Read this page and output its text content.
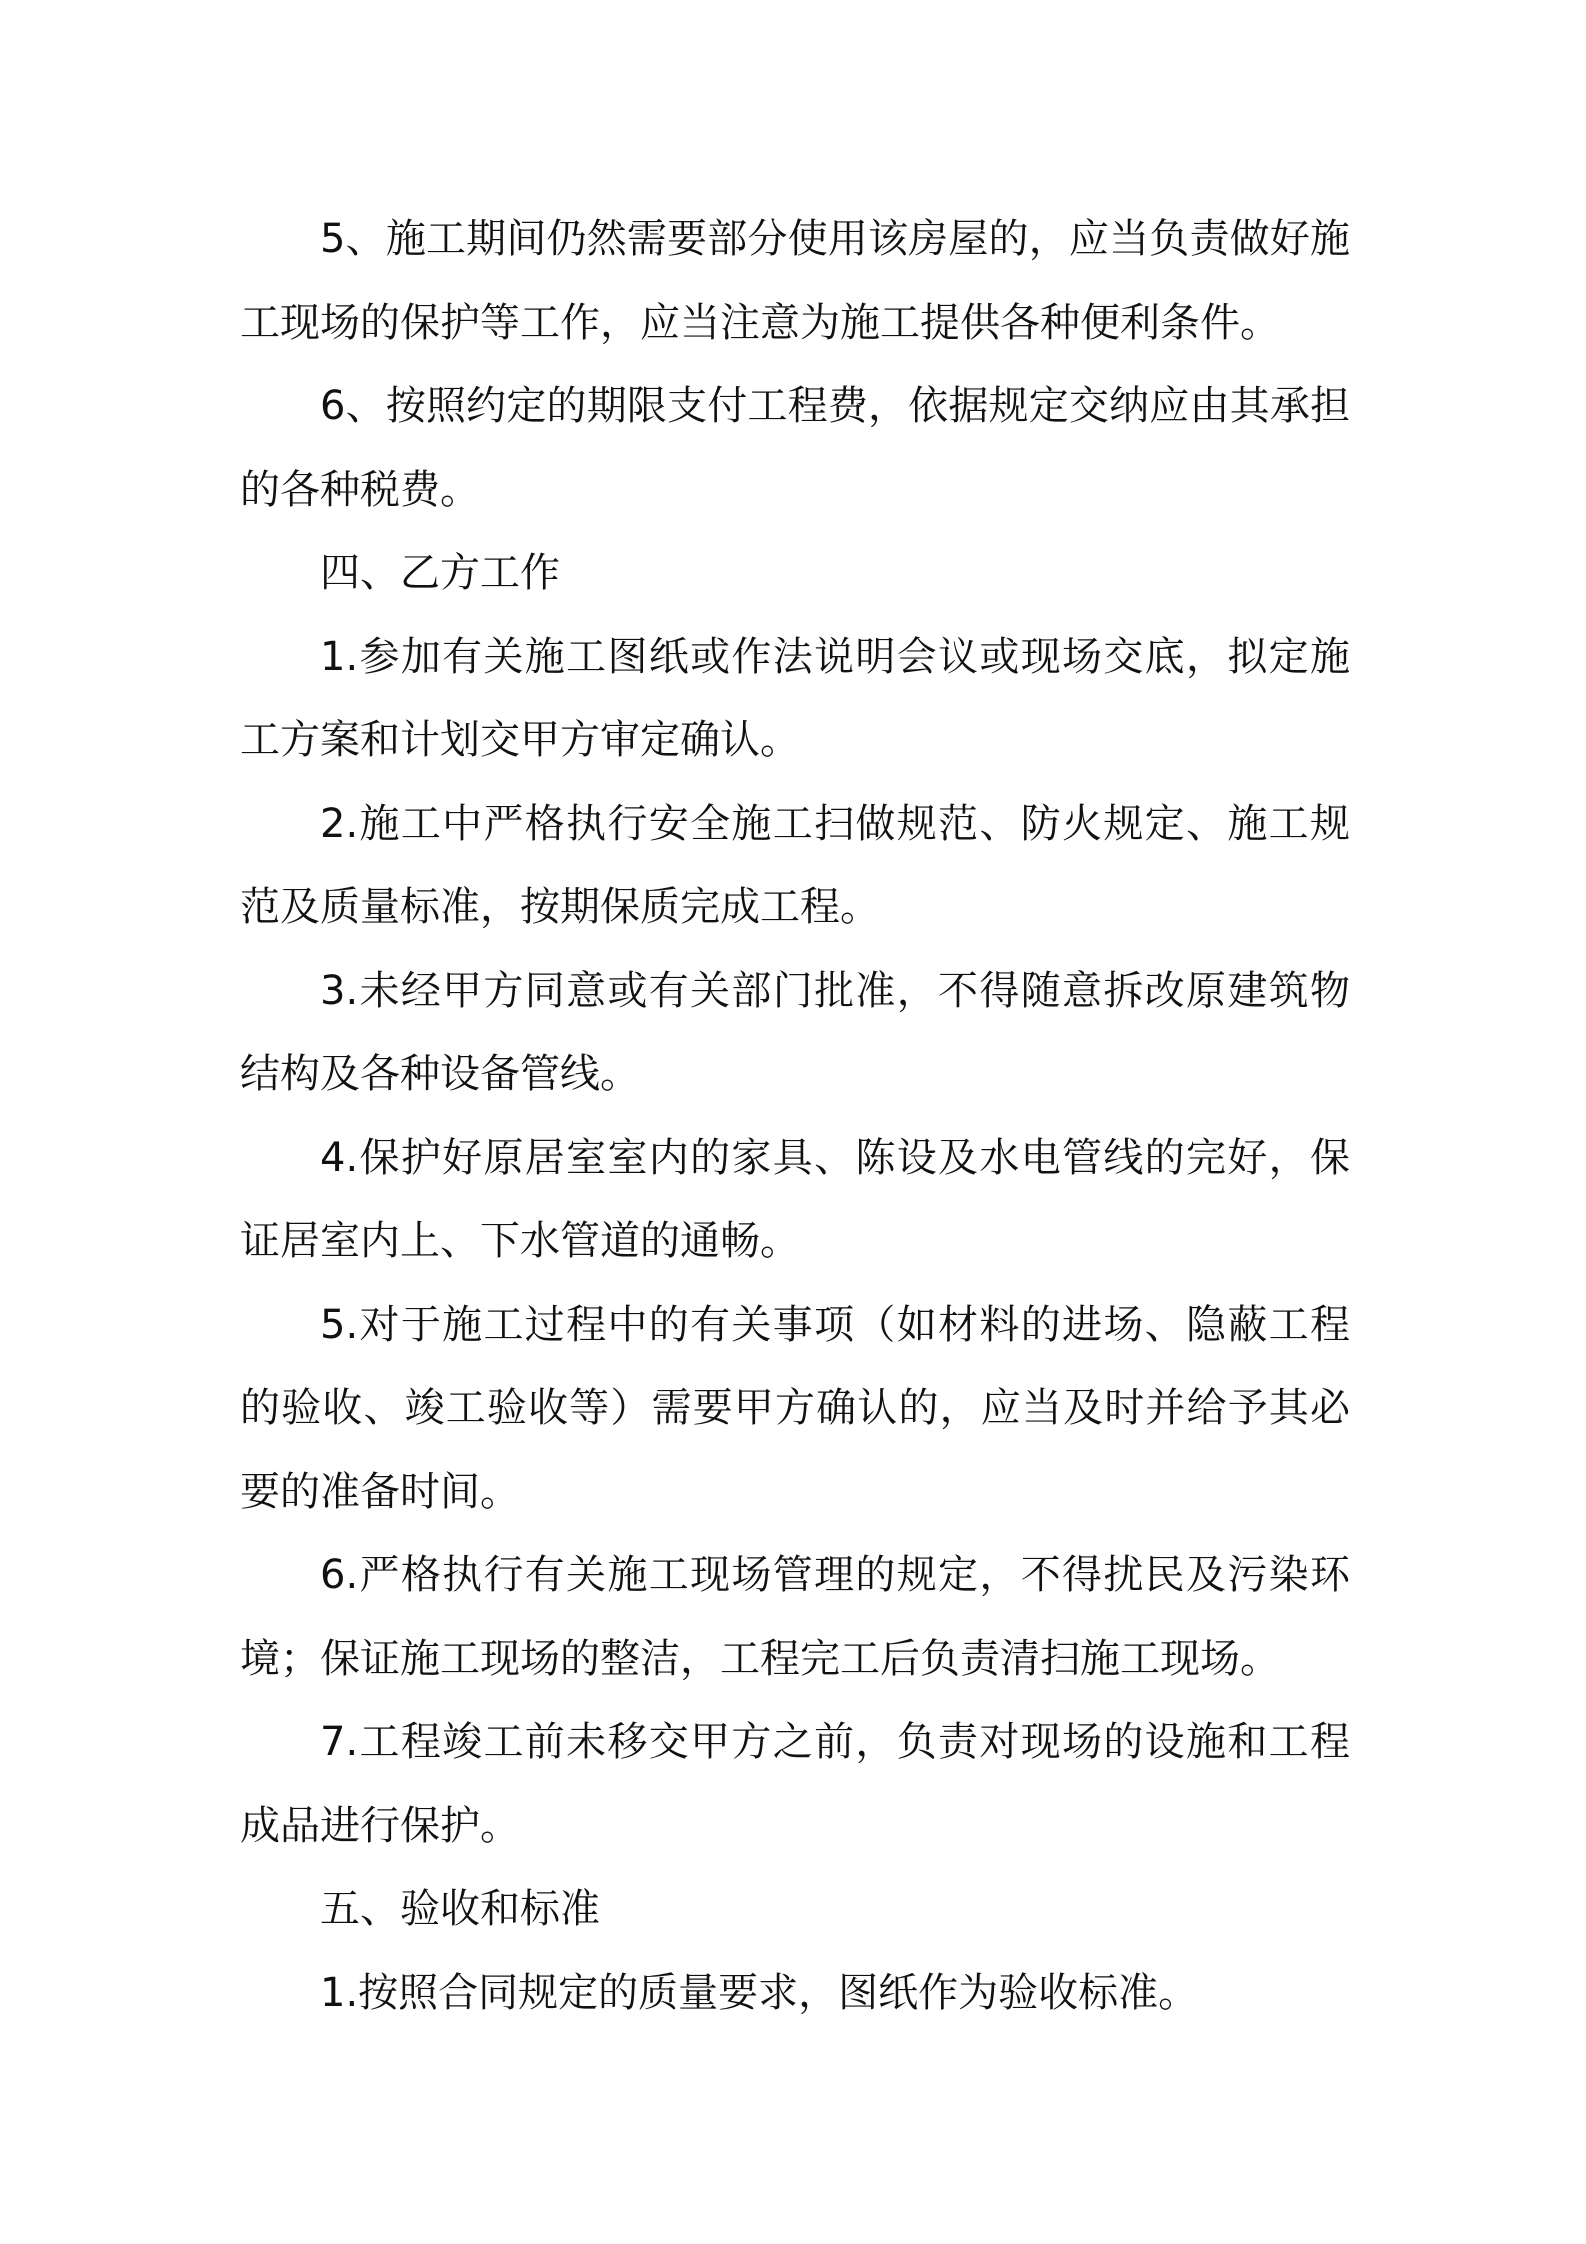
5、施工期间仍然需要部分使用该房屋的，应当负责做好施工现场的保护等工作，应当注意为施工提供各种便利条件。

6、按照约定的期限支付工程费，依据规定交纳应由其承担的各种税费。

四、乙方工作

1.参加有关施工图纸或作法说明会议或现场交底，拟定施工方案和计划交甲方审定确认。

2.施工中严格执行安全施工扫做规范、防火规定、施工规范及质量标准，按期保质完成工程。

3.未经甲方同意或有关部门批准，不得随意拆改原建筑物结构及各种设备管线。

4.保护好原居室室内的家具、陈设及水电管线的完好，保证居室内上、下水管道的通畅。

5.对于施工过程中的有关事项（如材料的进场、隐蔽工程的验收、竣工验收等）需要甲方确认的，应当及时并给予其必要的准备时间。

6.严格执行有关施工现场管理的规定，不得扰民及污染环境；保证施工现场的整洁，工程完工后负责清扫施工现场。

7.工程竣工前未移交甲方之前，负责对现场的设施和工程成品进行保护。

五、验收和标准

1.按照合同规定的质量要求，图纸作为验收标准。
